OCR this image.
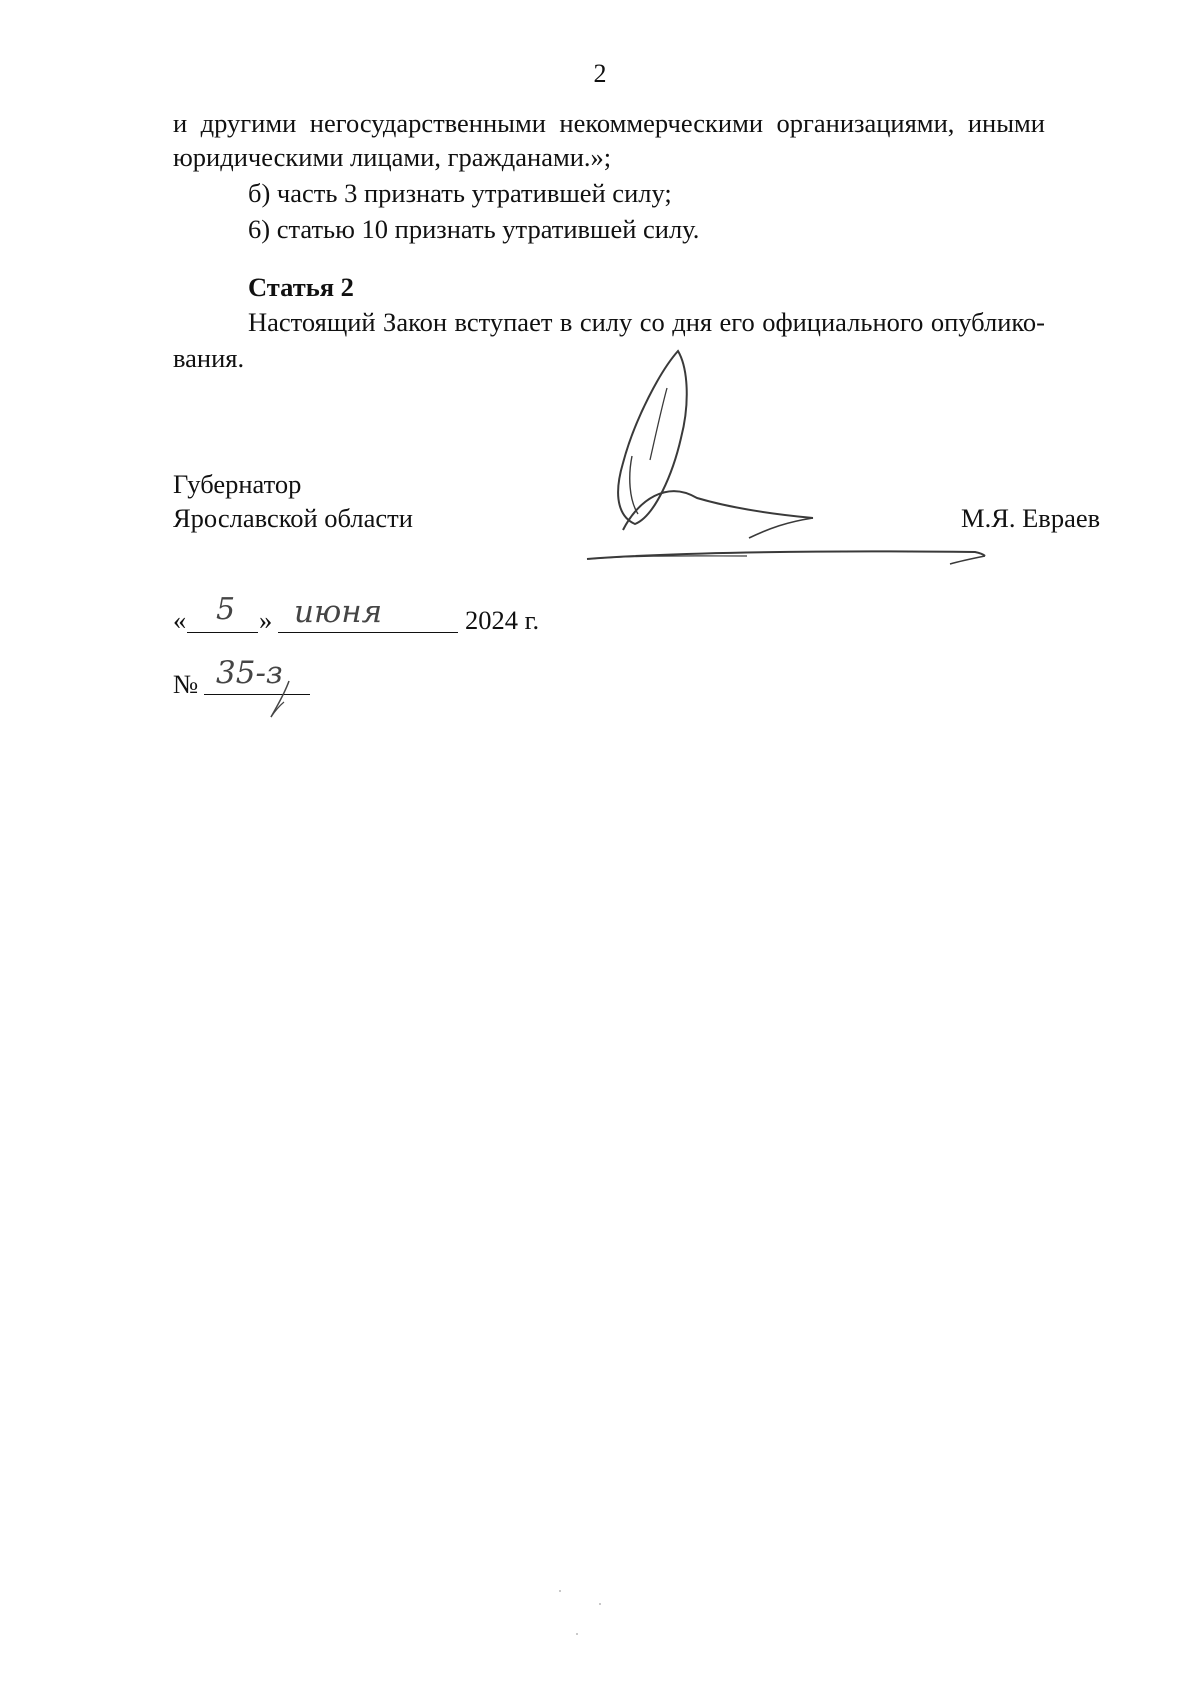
2
и другими негосударственными некоммерческими организациями, иными
юридическими лицами, гражданами.»;
б) часть 3 признать утратившей силу;
6) статью 10 признать утратившей силу.
Статья 2
Настоящий Закон вступает в силу со дня его официального опублико-
вания.
Губернатор
Ярославской области	М.Я. Евраев
« 5 » июня	2024 г.
№ 35-з
